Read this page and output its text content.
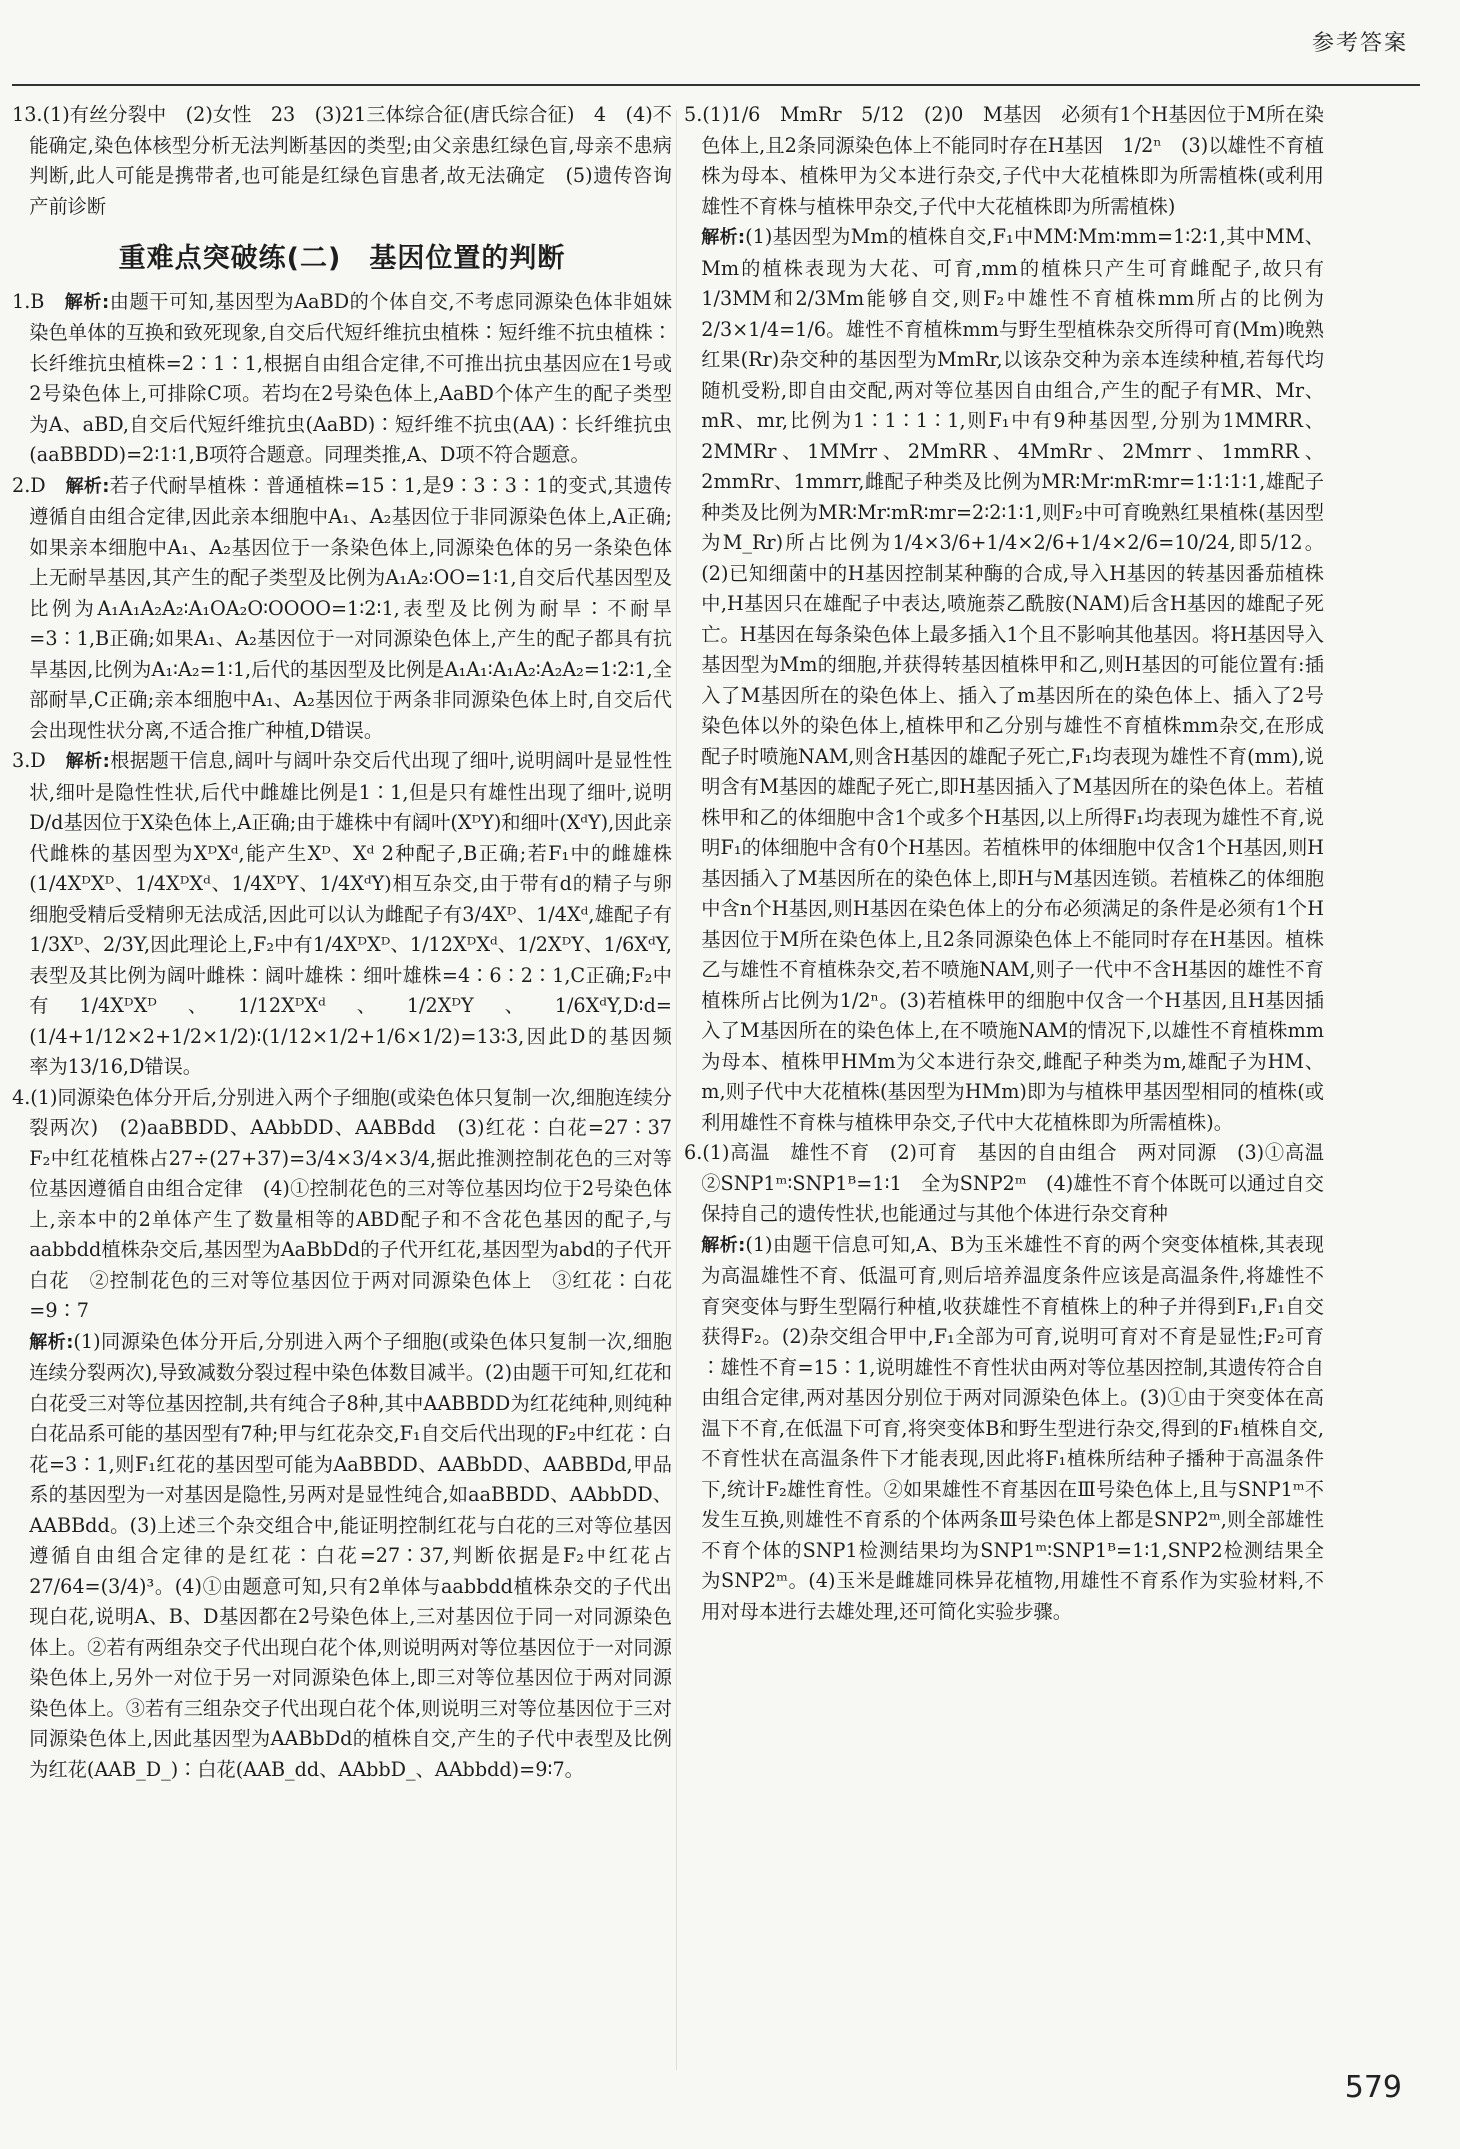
参考答案

13.(1)有丝分裂中　(2)女性　23　(3)21三体综合征(唐氏综合征)　4　(4)不能确定,染色体核型分析无法判断基因的类型;由父亲患红绿色盲,母亲不患病判断,此人可能是携带者,也可能是红绿色盲患者,故无法确定　(5)遗传咨询　产前诊断

重难点突破练(二)　基因位置的判断

1.B　 解析:由题干可知,基因型为AaBD的个体自交,不考虑同源染色体非姐妹染色单体的互换和致死现象,自交后代短纤维抗虫植株∶短纤维不抗虫植株∶长纤维抗虫植株=2∶1∶1,根据自由组合定律,不可推出抗虫基因应在1号或2号染色体上,可排除C项。若均在2号染色体上,AaBD个体产生的配子类型为A、aBD,自交后代短纤维抗虫(AaBD)∶短纤维不抗虫(AA)∶长纤维抗虫(aaBBDD)=2∶1∶1,B项符合题意。同理类推,A、D项不符合题意。

2.D　 解析:若子代耐旱植株∶普通植株=15∶1,是9∶3∶3∶1的变式,其遗传遵循自由组合定律,因此亲本细胞中A₁、A₂基因位于非同源染色体上,A正确;如果亲本细胞中A₁、A₂基因位于一条染色体上,同源染色体的另一条染色体上无耐旱基因,其产生的配子类型及比例为A₁A₂∶OO=1∶1,自交后代基因型及比例为A₁A₁A₂A₂∶A₁OA₂O∶OOOO=1∶2∶1,表型及比例为耐旱∶不耐旱=3∶1,B正确;如果A₁、A₂基因位于一对同源染色体上,产生的配子都具有抗旱基因,比例为A₁∶A₂=1∶1,后代的基因型及比例是A₁A₁∶A₁A₂∶A₂A₂=1∶2∶1,全部耐旱,C正确;亲本细胞中A₁、A₂基因位于两条非同源染色体上时,自交后代会出现性状分离,不适合推广种植,D错误。

3.D　 解析:根据题干信息,阔叶与阔叶杂交后代出现了细叶,说明阔叶是显性性状,细叶是隐性性状,后代中雌雄比例是1∶1,但是只有雄性出现了细叶,说明D/d基因位于X染色体上,A正确;由于雄株中有阔叶(XᴰY)和细叶(XᵈY),因此亲代雌株的基因型为XᴰXᵈ,能产生Xᴰ、Xᵈ 2种配子,B正确;若F₁中的雌雄株(1/4XᴰXᴰ、1/4XᴰXᵈ、1/4XᴰY、1/4XᵈY)相互杂交,由于带有d的精子与卵细胞受精后受精卵无法成活,因此可以认为雌配子有3/4Xᴰ、1/4Xᵈ,雄配子有1/3Xᴰ、2/3Y,因此理论上,F₂中有1/4XᴰXᴰ、1/12XᴰXᵈ、1/2XᴰY、1/6XᵈY,表型及其比例为阔叶雌株∶阔叶雄株∶细叶雄株=4∶6∶2∶1,C正确;F₂中有1/4XᴰXᴰ、1/12XᴰXᵈ、1/2XᴰY、1/6XᵈY,D∶d=(1/4+1/12×2+1/2×1/2)∶(1/12×1/2+1/6×1/2)=13∶3,因此D的基因频率为13/16,D错误。

4.(1)同源染色体分开后,分别进入两个子细胞(或染色体只复制一次,细胞连续分裂两次)　(2)aaBBDD、AAbbDD、AABBdd　(3)红花∶白花=27∶37　F₂中红花植株占27÷(27+37)=3/4×3/4×3/4,据此推测控制花色的三对等位基因遵循自由组合定律　(4)①控制花色的三对等位基因均位于2号染色体上,亲本中的2单体产生了数量相等的ABD配子和不含花色基因的配子,与aabbdd植株杂交后,基因型为AaBbDd的子代开红花,基因型为abd的子代开白花　②控制花色的三对等位基因位于两对同源染色体上　③红花∶白花=9∶7

解析:(1)同源染色体分开后,分别进入两个子细胞(或染色体只复制一次,细胞连续分裂两次),导致减数分裂过程中染色体数目减半。(2)由题干可知,红花和白花受三对等位基因控制,共有纯合子8种,其中AABBDD为红花纯种,则纯种白花品系可能的基因型有7种;甲与红花杂交,F₁自交后代出现的F₂中红花∶白花=3∶1,则F₁红花的基因型可能为AaBBDD、AABbDD、AABBDd,甲品系的基因型为一对基因是隐性,另两对是显性纯合,如aaBBDD、AAbbDD、AABBdd。(3)上述三个杂交组合中,能证明控制红花与白花的三对等位基因遵循自由组合定律的是红花∶白花=27∶37,判断依据是F₂中红花占27/64=(3/4)³。(4)①由题意可知,只有2单体与aabbdd植株杂交的子代出现白花,说明A、B、D基因都在2号染色体上,三对基因位于同一对同源染色体上。②若有两组杂交子代出现白花个体,则说明两对等位基因位于一对同源染色体上,另外一对位于另一对同源染色体上,即三对等位基因位于两对同源染色体上。③若有三组杂交子代出现白花个体,则说明三对等位基因位于三对同源染色体上,因此基因型为AABbDd的植株自交,产生的子代中表型及比例为红花(AAB_D_)∶白花(AAB_dd、AAbbD_、AAbbdd)=9∶7。

5.(1)1/6　MmRr　5/12　(2)0　M基因　必须有1个H基因位于M所在染色体上,且2条同源染色体上不能同时存在H基因　1/2ⁿ　(3)以雄性不育植株为母本、植株甲为父本进行杂交,子代中大花植株即为所需植株(或利用雄性不育株与植株甲杂交,子代中大花植株即为所需植株)

解析:(1)基因型为Mm的植株自交,F₁中MM∶Mm∶mm=1∶2∶1,其中MM、Mm的植株表现为大花、可育,mm的植株只产生可育雌配子,故只有1/3MM和2/3Mm能够自交,则F₂中雄性不育植株mm所占的比例为2/3×1/4=1/6。雄性不育植株mm与野生型植株杂交所得可育(Mm)晚熟红果(Rr)杂交种的基因型为MmRr,以该杂交种为亲本连续种植,若每代均随机受粉,即自由交配,两对等位基因自由组合,产生的配子有MR、Mr、mR、mr,比例为1∶1∶1∶1,则F₁中有9种基因型,分别为1MMRR、2MMRr、1MMrr、2MmRR、4MmRr、2Mmrr、1mmRR、2mmRr、1mmrr,雌配子种类及比例为MR∶Mr∶mR∶mr=1∶1∶1∶1,雄配子种类及比例为MR∶Mr∶mR∶mr=2∶2∶1∶1,则F₂中可育晚熟红果植株(基因型为M_Rr)所占比例为1/4×3/6+1/4×2/6+1/4×2/6=10/24,即5/12。(2)已知细菌中的H基因控制某种酶的合成,导入H基因的转基因番茄植株中,H基因只在雄配子中表达,喷施萘乙酰胺(NAM)后含H基因的雄配子死亡。H基因在每条染色体上最多插入1个且不影响其他基因。将H基因导入基因型为Mm的细胞,并获得转基因植株甲和乙,则H基因的可能位置有:插入了M基因所在的染色体上、插入了m基因所在的染色体上、插入了2号染色体以外的染色体上,植株甲和乙分别与雄性不育植株mm杂交,在形成配子时喷施NAM,则含H基因的雄配子死亡,F₁均表现为雄性不育(mm),说明含有M基因的雄配子死亡,即H基因插入了M基因所在的染色体上。若植株甲和乙的体细胞中含1个或多个H基因,以上所得F₁均表现为雄性不育,说明F₁的体细胞中含有0个H基因。若植株甲的体细胞中仅含1个H基因,则H基因插入了M基因所在的染色体上,即H与M基因连锁。若植株乙的体细胞中含n个H基因,则H基因在染色体上的分布必须满足的条件是必须有1个H基因位于M所在染色体上,且2条同源染色体上不能同时存在H基因。植株乙与雄性不育植株杂交,若不喷施NAM,则子一代中不含H基因的雄性不育植株所占比例为1/2ⁿ。(3)若植株甲的细胞中仅含一个H基因,且H基因插入了M基因所在的染色体上,在不喷施NAM的情况下,以雄性不育植株mm为母本、植株甲HMm为父本进行杂交,雌配子种类为m,雄配子为HM、m,则子代中大花植株(基因型为HMm)即为与植株甲基因型相同的植株(或利用雄性不育株与植株甲杂交,子代中大花植株即为所需植株)。

6.(1)高温　雄性不育　(2)可育　基因的自由组合　两对同源　(3)①高温　②SNP1ᵐ∶SNP1ᴮ=1∶1　全为SNP2ᵐ　(4)雄性不育个体既可以通过自交保持自己的遗传性状,也能通过与其他个体进行杂交育种

解析:(1)由题干信息可知,A、B为玉米雄性不育的两个突变体植株,其表现为高温雄性不育、低温可育,则后培养温度条件应该是高温条件,将雄性不育突变体与野生型隔行种植,收获雄性不育植株上的种子并得到F₁,F₁自交获得F₂。(2)杂交组合甲中,F₁全部为可育,说明可育对不育是显性;F₂可育∶雄性不育=15∶1,说明雄性不育性状由两对等位基因控制,其遗传符合自由组合定律,两对基因分别位于两对同源染色体上。(3)①由于突变体在高温下不育,在低温下可育,将突变体B和野生型进行杂交,得到的F₁植株自交,不育性状在高温条件下才能表现,因此将F₁植株所结种子播种于高温条件下,统计F₂雄性育性。②如果雄性不育基因在Ⅲ号染色体上,且与SNP1ᵐ不发生互换,则雄性不育系的个体两条Ⅲ号染色体上都是SNP2ᵐ,则全部雄性不育个体的SNP1检测结果均为SNP1ᵐ∶SNP1ᴮ=1∶1,SNP2检测结果全为SNP2ᵐ。(4)玉米是雌雄同株异花植物,用雄性不育系作为实验材料,不用对母本进行去雄处理,还可简化实验步骤。

579
